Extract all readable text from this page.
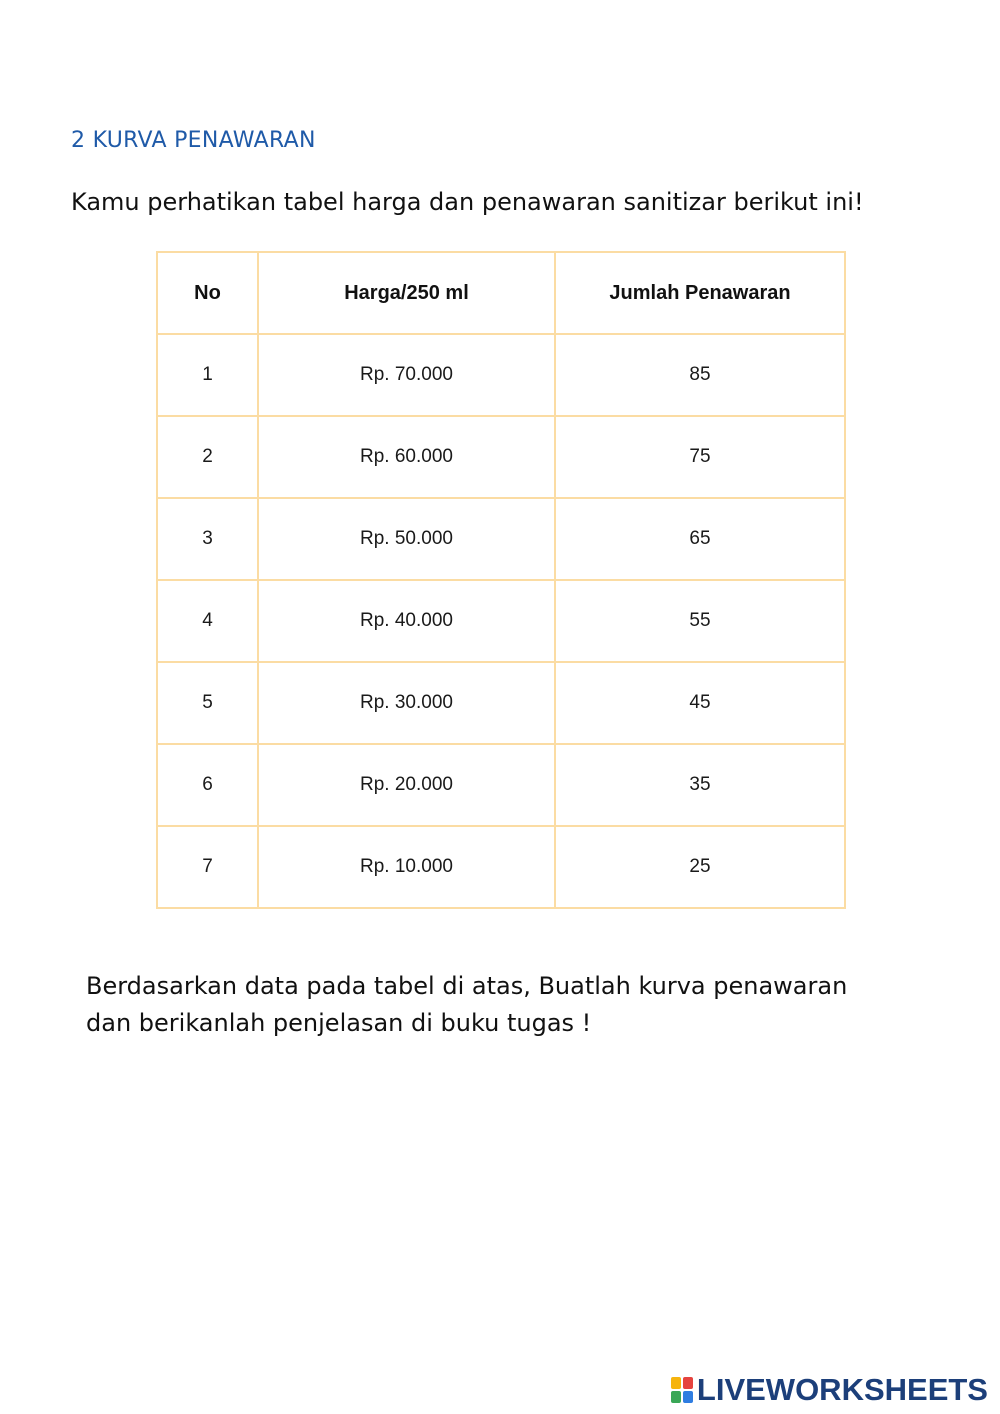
2 KURVA PENAWARAN
Kamu perhatikan tabel harga dan penawaran sanitizar berikut ini!
No	Harga/250 ml	Jumlah Penawaran
1	Rp. 70.000	85
2	Rp. 60.000	75
3	Rp. 50.000	65
4	Rp. 40.000	55
5	Rp. 30.000	45
6	Rp. 20.000	35
7	Rp. 10.000	25
Berdasarkan data pada tabel di atas, Buatlah kurva penawaran
dan berikanlah penjelasan di buku tugas !
LIVEWORKSHEETS
